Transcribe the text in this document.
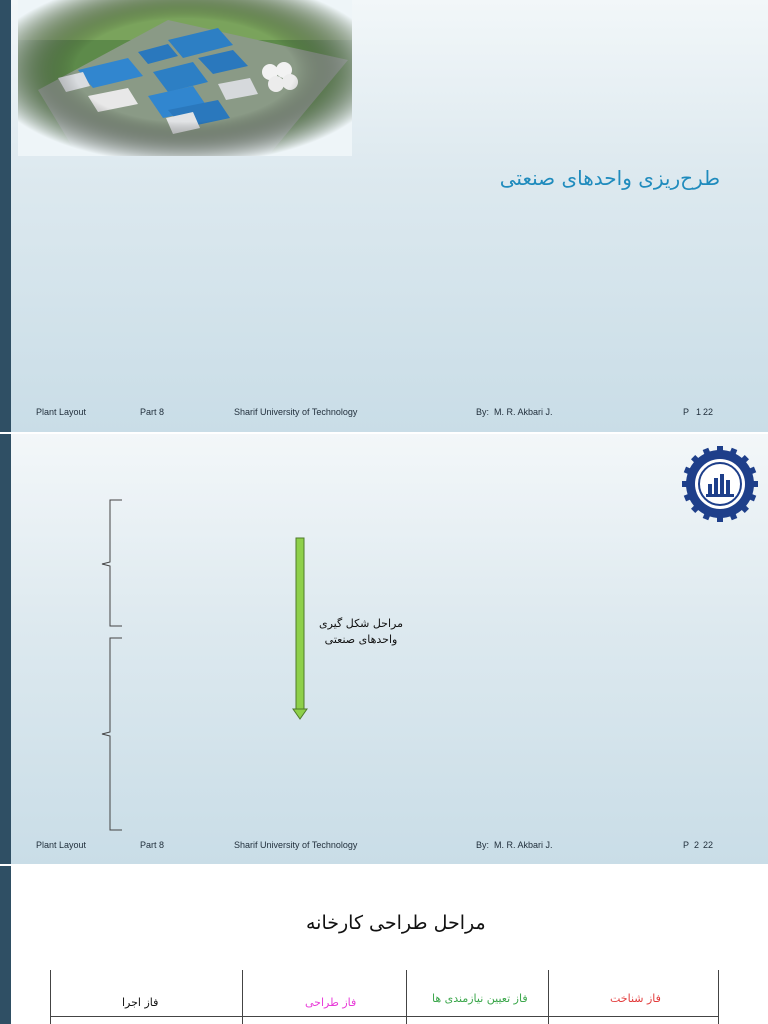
طرح‌ریزی واحدهای صنعتی
Plant Layout	Part 8	Sharif University of Technology	By: M. R. Akbari J.	P 1 22
مراحل شکل گیری واحدهای صنعتی
Plant Layout	Part 8	Sharif University of Technology	By: M. R. Akbari J.	P 2 22
مراحل طراحی کارخانه
فاز اجرا	فاز طراحی	فاز تعیین نیازمندی ها	فاز شناخت
